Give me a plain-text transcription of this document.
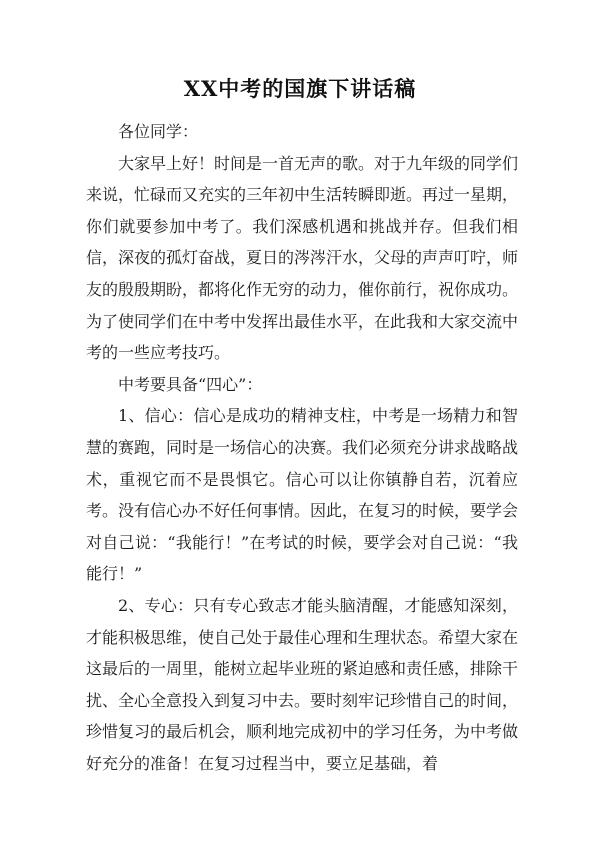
XX中考的国旗下讲话稿

各位同学：

大家早上好！时间是一首无声的歌。对于九年级的同学们来说，忙碌而又充实的三年初中生活转瞬即逝。再过一星期，你们就要参加中考了。我们深感机遇和挑战并存。但我们相信，深夜的孤灯奋战，夏日的涔涔汗水，父母的声声叮咛，师友的殷殷期盼，都将化作无穷的动力，催你前行，祝你成功。为了使同学们在中考中发挥出最佳水平，在此我和大家交流中考的一些应考技巧。

中考要具备“四心”：

1、信心：信心是成功的精神支柱，中考是一场精力和智慧的赛跑，同时是一场信心的决赛。我们必须充分讲求战略战术，重视它而不是畏惧它。信心可以让你镇静自若，沉着应考。没有信心办不好任何事情。因此，在复习的时候，要学会对自己说：“我能行！”在考试的时候，要学会对自己说：“我能行！”

2、专心：只有专心致志才能头脑清醒，才能感知深刻，才能积极思维，使自己处于最佳心理和生理状态。希望大家在这最后的一周里，能树立起毕业班的紧迫感和责任感，排除干扰、全心全意投入到复习中去。要时刻牢记珍惜自己的时间，珍惜复习的最后机会，顺利地完成初中的学习任务，为中考做好充分的准备！在复习过程当中，要立足基础，着
